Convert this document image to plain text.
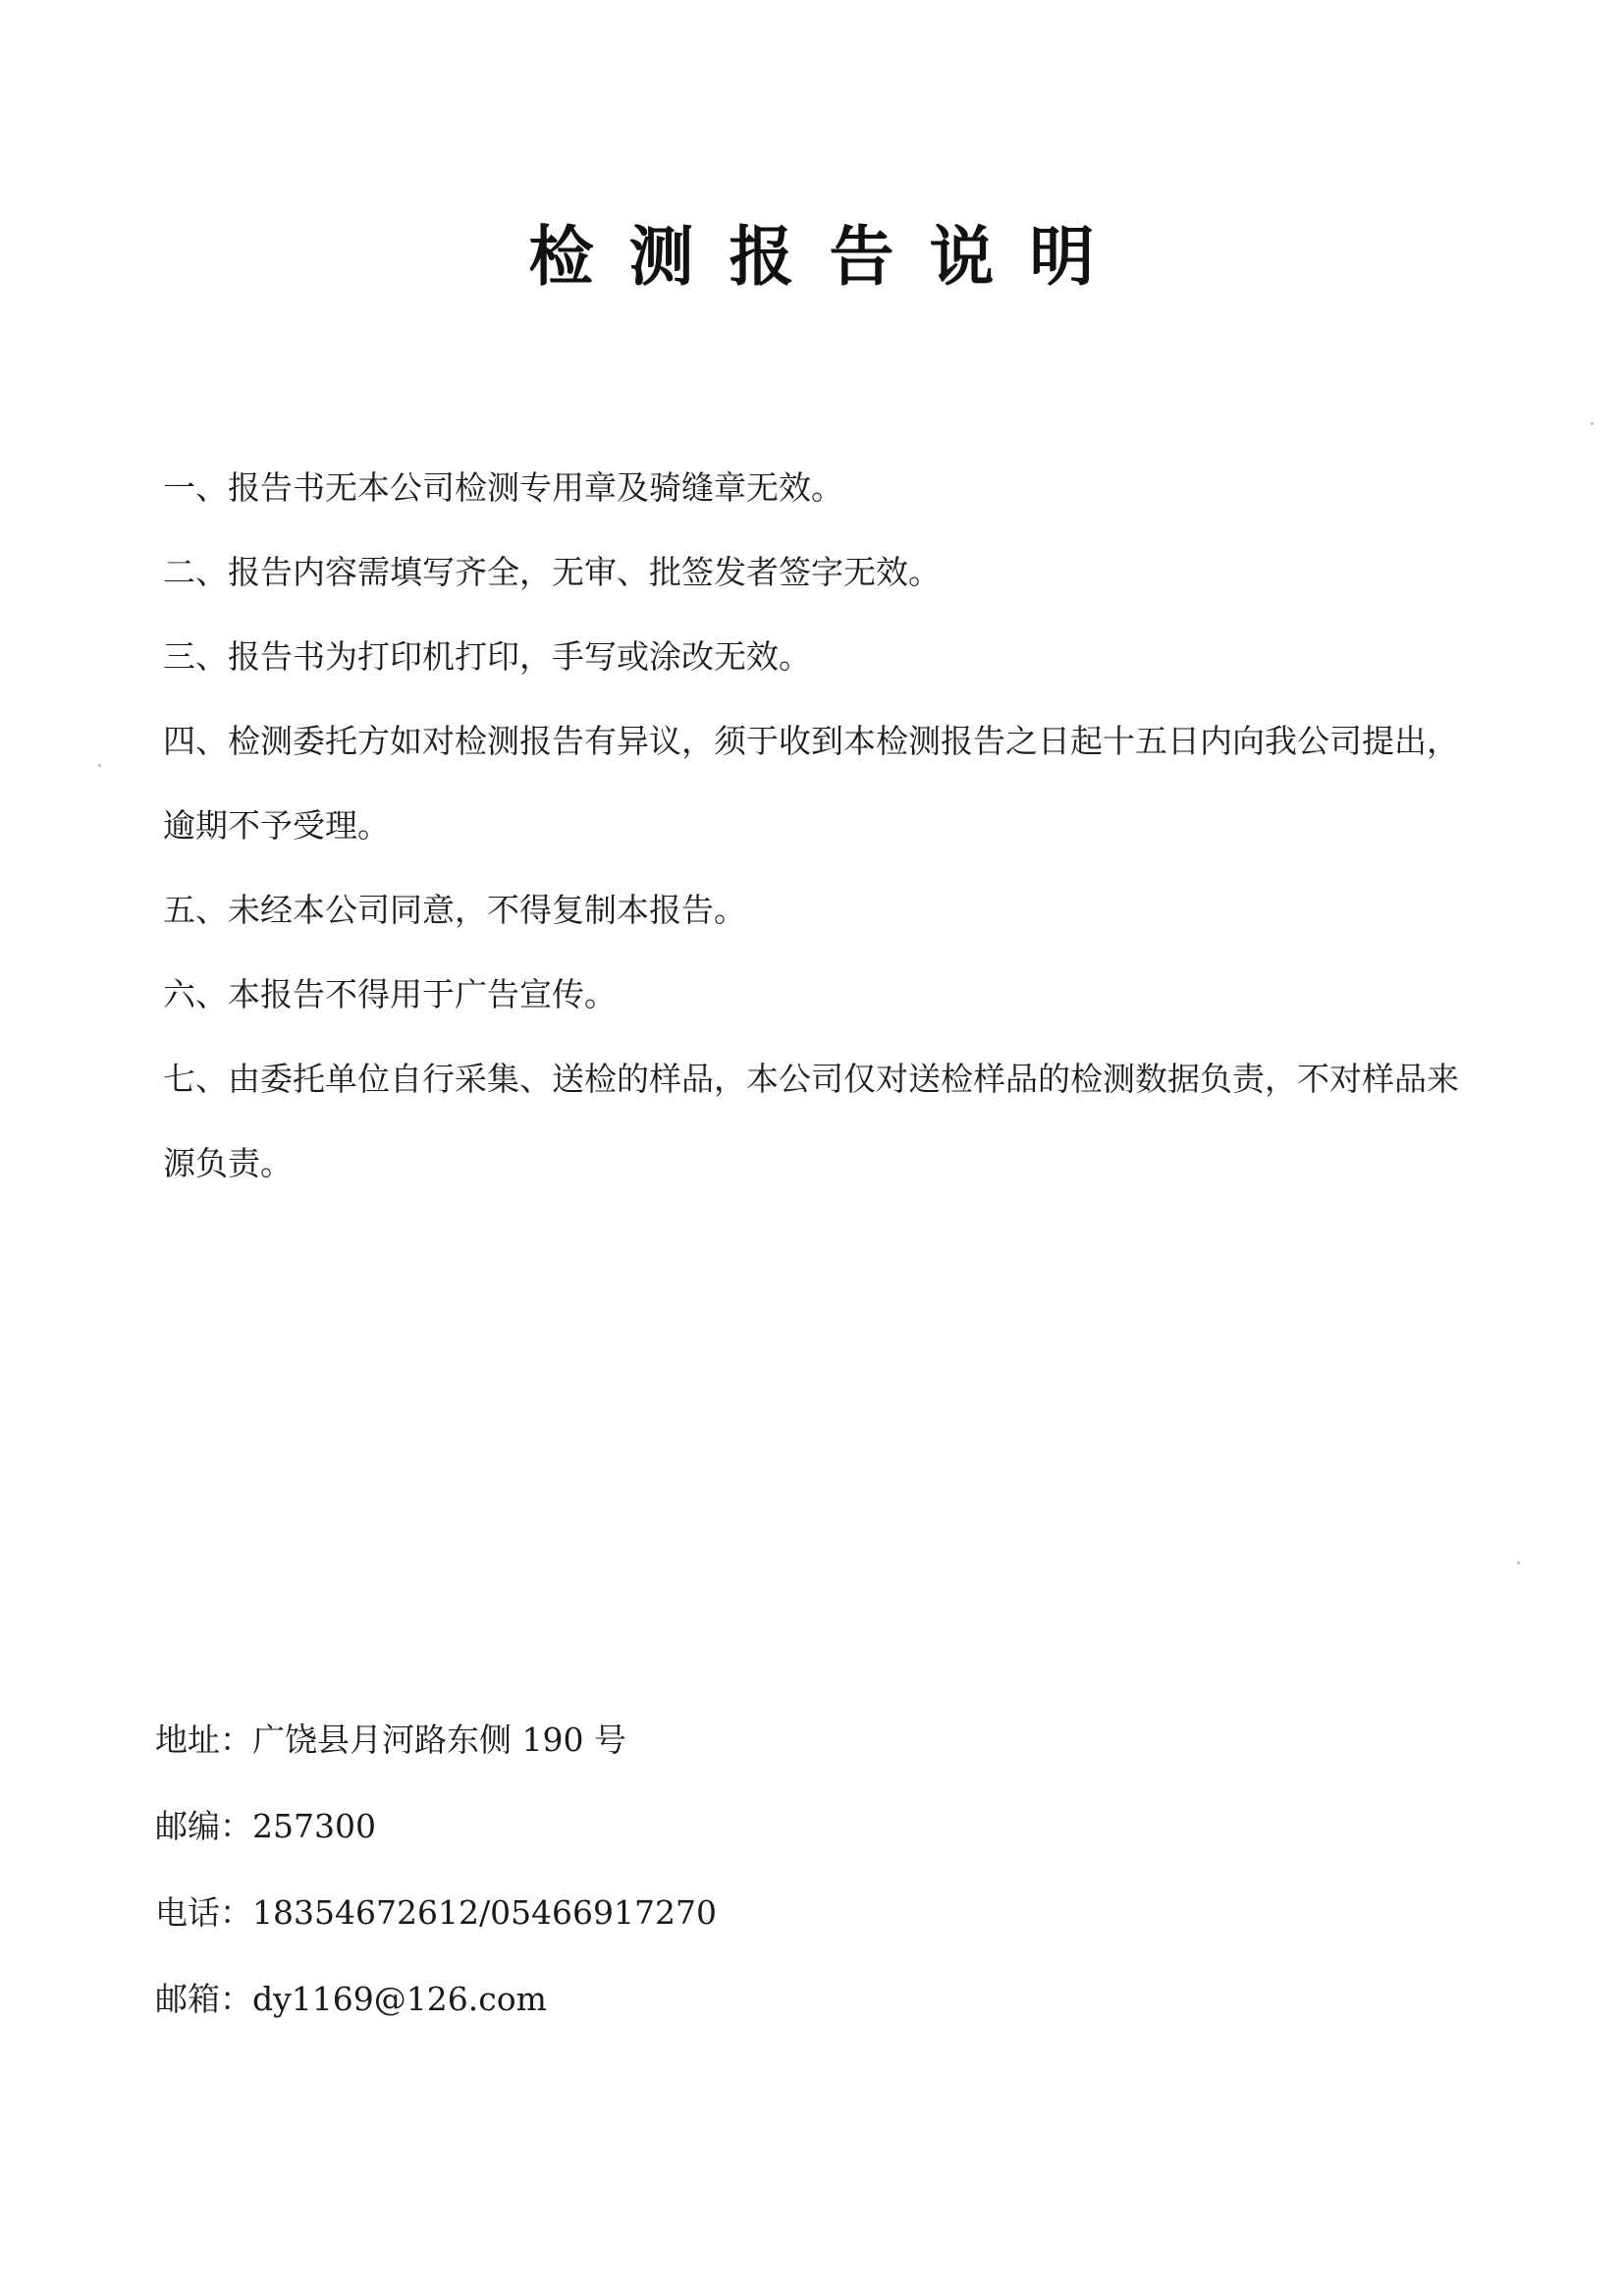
检测报告说明
一、报告书无本公司检测专用章及骑缝章无效。
二、报告内容需填写齐全，无审、批签发者签字无效。
三、报告书为打印机打印，手写或涂改无效。
四、检测委托方如对检测报告有异议，须于收到本检测报告之日起十五日内向我公司提出，逾期不予受理。
五、未经本公司同意，不得复制本报告。
六、本报告不得用于广告宣传。
七、由委托单位自行采集、送检的样品，本公司仅对送检样品的检测数据负责，不对样品来源负责。
地址：广饶县月河路东侧 190 号
邮编：257300
电话：18354672612/05466917270
邮箱：dy1169@126.com
